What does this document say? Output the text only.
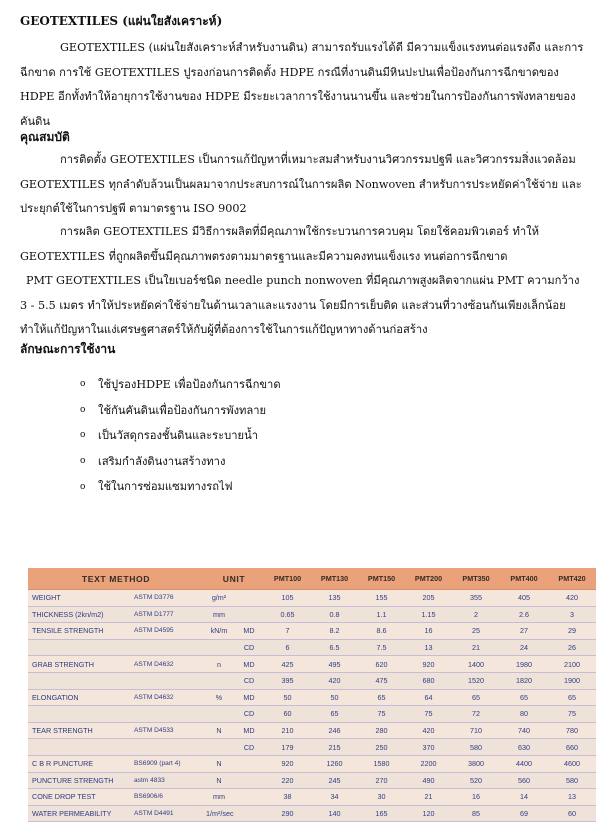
GEOTEXTILES (แผ่นใยสังเคราะห์)
GEOTEXTILES (แผ่นใยสังเคราะห์สำหรับงานดิน) สามารถรับแรงได้ดี มีความแข็งแรงทนต่อแรงดึง และการฉีกขาด การใช้ GEOTEXTILES ปูรองก่อนการติดตั้ง HDPE กรณีที่งานดินมีหินปะปนเพื่อป้องกันการฉีกขาดของ HDPE อีกทั้งทำให้อายุการใช้งานของ HDPE มีระยะเวลาการใช้งานนานขึ้น และช่วยในการป้องกันการพังทลายของคันดิน
คุณสมบัติ
การติดตั้ง GEOTEXTILES เป็นการแก้ปัญหาที่เหมาะสมสำหรับงานวิศวกรรมปฐพี และวิศวกรรมสิ่งแวดล้อม GEOTEXTILES ทุกลำดับล้วนเป็นผลมาจากประสบการณ์ในการผลิต Nonwoven สำหรับการประหยัดค่าใช้จ่าย และประยุกต์ใช้ในการปฐพี ตามาตรฐาน ISO 9002
การผลิต GEOTEXTILES มีวิธีการผลิตที่มีคุณภาพใช้กระบวนการควบคุม โดยใช้คอมพิวเตอร์ ทำให้ GEOTEXTILES ที่ถูกผลิตขึ้นมีคุณภาพตรงตามมาตรฐานและมีความคงทนแข็งแรง ทนต่อการฉีกขาด
PMT GEOTEXTILES เป็นใยเบอร์ชนิด needle punch nonwoven ที่มีคุณภาพสูงผลิตจากแผ่น PMT ความกว้าง 3 - 5.5 เมตร ทำให้ประหยัดค่าใช้จ่ายในด้านเวลาและแรงงาน โดยมีการเย็บติด และส่วนที่วางซ้อนกันเพียงเล็กน้อย ทำให้แก้ปัญหาในแง่เศรษฐศาสตร์ให้กับผู้ที่ต้องการใช้ในการแก้ปัญหาทางด้านก่อสร้าง
ลักษณะการใช้งาน
o ใช้ปูรองHDPE เพื่อป้องกันการฉีกขาด
o ใช้กันคันดินเพื่อป้องกันการพังทลาย
o เป็นวัสดุกรองชั้นดินและระบายน้ำ
o เสริมกำลังดินงานสร้างทาง
o ใช้ในการซ่อมแซมทางรถไฟ
TEXT METHOD		UNIT		PMT100	PMT130	PMT150	PMT200	PMT350	PMT400	PMT420
WEIGHT	ASTM D3776	g/m²		105	135	155	205	355	405	420
THICKNESS (2kn/m2)	ASTM D1777	mm		0.65	0.8	1.1	1.15	2	2.6	3
TENSILE STRENGTH	ASTM D4595	kN/m	MD	7	8.2	8.6	16	25	27	29
			CD	6	6.5	7.5	13	21	24	26
GRAB STRENGTH	ASTM D4632	n	MD	425	495	620	920	1400	1980	2100
			CD	395	420	475	680	1520	1820	1900
ELONGATION	ASTM D4632	%	MD	50	50	65	64	65	65	65
			CD	60	65	75	75	72	80	75
TEAR STRENGTH	ASTM D4533	N	MD	210	246	280	420	710	740	780
			CD	179	215	250	370	580	630	660
C B R PUNCTURE	BS6909 (part 4)	N		920	1260	1580	2200	3800	4400	4600
PUNCTURE STRENGTH	astm 4833	N		220	245	270	490	520	560	580
CONE DROP TEST	BS6906/6	mm		38	34	30	21	16	14	13
WATER PERMEABILITY	ASTM D4491	1/m²/sec		290	140	165	120	85	69	60
